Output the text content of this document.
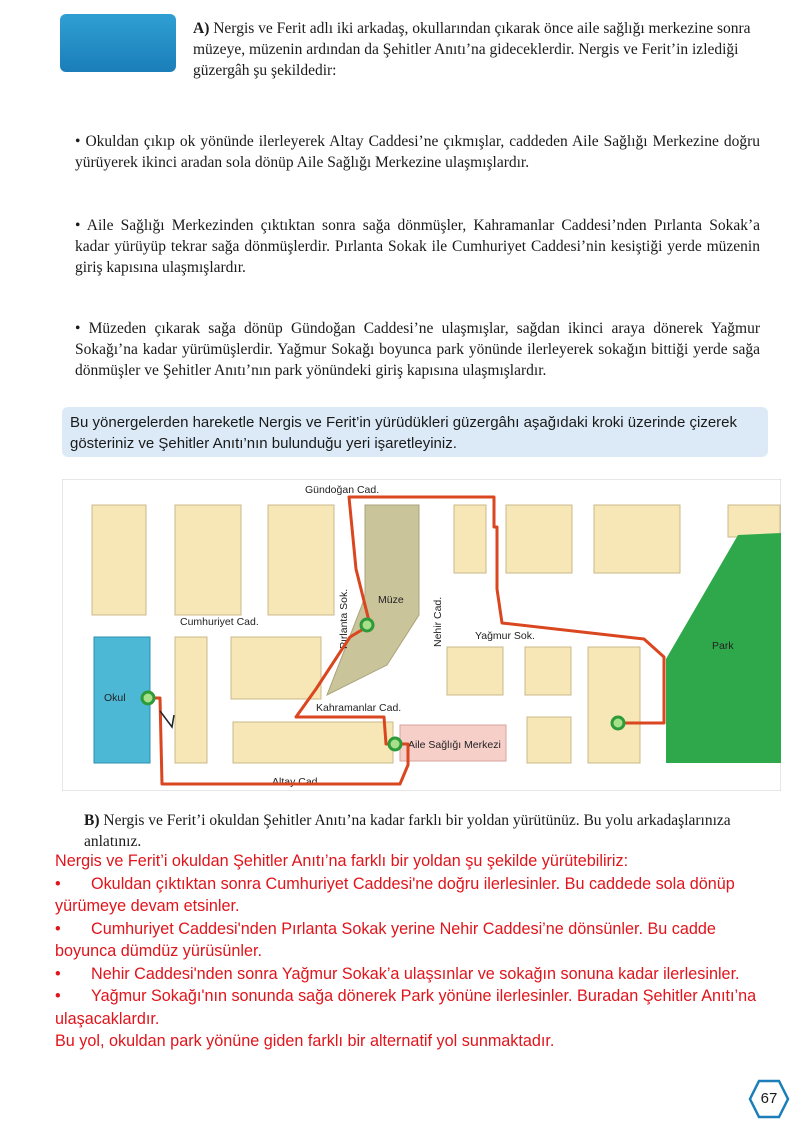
A) Nergis ve Ferit adlı iki arkadaş, okullarından çıkarak önce aile sağlığı merkezine sonra müzeye, müzenin ardından da Şehitler Anıtı’na gideceklerdir. Nergis ve Ferit’in izlediği güzergâh şu şekildedir:
• Okuldan çıkıp ok yönünde ilerleyerek Altay Caddesi’ne çıkmışlar, caddeden Aile Sağlığı Merkezine doğru yürüyerek ikinci aradan sola dönüp Aile Sağlığı Merkezine ulaşmışlardır.
• Aile Sağlığı Merkezinden çıktıktan sonra sağa dönmüşler, Kahramanlar Caddesi’nden Pırlanta Sokak’a kadar yürüyüp tekrar sağa dönmüşlerdir. Pırlanta Sokak ile Cumhuriyet Caddesi’nin kesiştiği yerde müzenin giriş kapısına ulaşmışlardır.
• Müzeden çıkarak sağa dönüp Gündoğan Caddesi’ne ulaşmışlar, sağdan ikinci araya dönerek Yağmur Sokağı’na kadar yürümüşlerdir. Yağmur Sokağı boyunca park yönünde ilerleyerek sokağın bittiği yerde sağa dönmüşler ve Şehitler Anıtı’nın park yönündeki giriş kapısına ulaşmışlardır.
Bu yönergelerden hareketle Nergis ve Ferit’in yürüdükleri güzergâhı aşağıdaki kroki üzerinde çizerek gösteriniz ve Şehitler Anıtı’nın bulunduğu yeri işaretleyiniz.
Gündoğan Cad.
Cumhuriyet Cad.	Pırlanta Sok.	Müze	Nehir Cad.	Yağmur Sok.
Park
Okul
Kahramanlar Cad.
Aile Sağlığı Merkezi
Altay Cad.
B) Nergis ve Ferit’i okuldan Şehitler Anıtı’na kadar farklı bir yoldan yürütünüz. Bu yolu arkadaşlarınıza anlatınız.
Nergis ve Ferit’i okuldan Şehitler Anıtı’na farklı bir yoldan şu şekilde yürütebiliriz:
• Okuldan çıktıktan sonra Cumhuriyet Caddesi'ne doğru ilerlesinler. Bu caddede sola dönüp
yürümeye devam etsinler.
• Cumhuriyet Caddesi'nden Pırlanta Sokak yerine Nehir Caddesi’ne dönsünler. Bu cadde
boyunca dümdüz yürüsünler.
• Nehir Caddesi'nden sonra Yağmur Sokak’a ulaşsınlar ve sokağın sonuna kadar ilerlesinler.
• Yağmur Sokağı'nın sonunda sağa dönerek Park yönüne ilerlesinler. Buradan Şehitler Anıtı’na
ulaşacaklardır.
Bu yol, okuldan park yönüne giden farklı bir alternatif yol sunmaktadır.
67
